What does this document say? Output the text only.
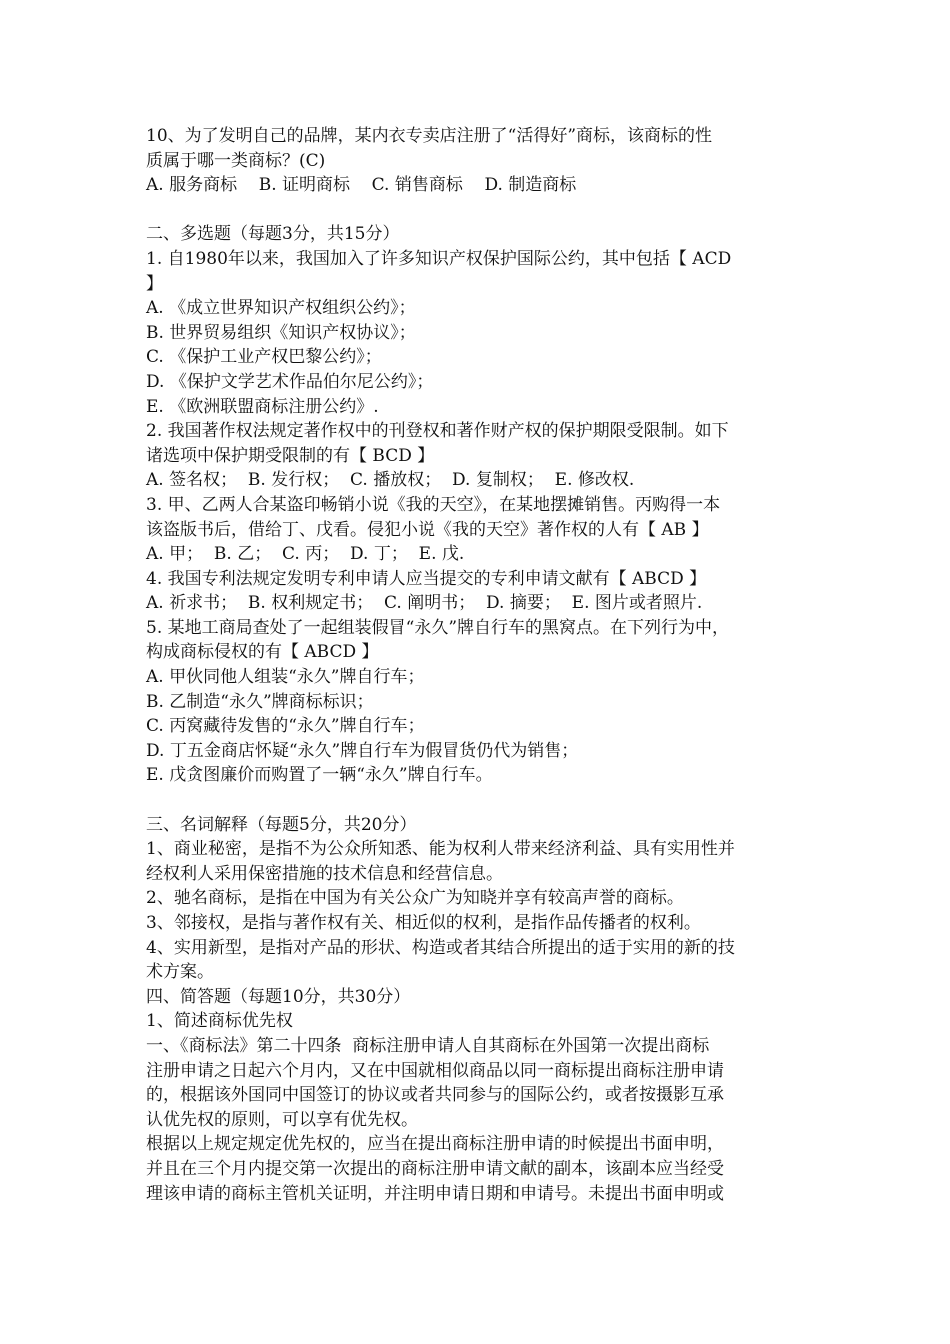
10、为了发明自己的品牌，某内衣专卖店注册了“活得好”商标，该商标的性
质属于哪一类商标？(C)
A. 服务商标    B. 证明商标    C. 销售商标    D. 制造商标
二、多选题（每题3分，共15分）
1. 自1980年以来，我国加入了许多知识产权保护国际公约，其中包括【 ACD
】
A. 《成立世界知识产权组织公约》；
B. 世界贸易组织《知识产权协议》；
C. 《保护工业产权巴黎公约》；
D. 《保护文学艺术作品伯尔尼公约》；
E. 《欧洲联盟商标注册公约》.
2. 我国著作权法规定著作权中的刊登权和著作财产权的保护期限受限制。如下
诸选项中保护期受限制的有【 BCD 】
A. 签名权；  B. 发行权；  C. 播放权；  D. 复制权；  E. 修改权.
3. 甲、乙两人合某盗印畅销小说《我的天空》，在某地摆摊销售。丙购得一本
该盗版书后，借给丁、戊看。侵犯小说《我的天空》著作权的人有【 AB 】
A. 甲；  B. 乙；  C. 丙；  D. 丁；  E. 戊.
4. 我国专利法规定发明专利申请人应当提交的专利申请文献有【 ABCD 】
A. 祈求书；  B. 权利规定书；  C. 阐明书；  D. 摘要；  E. 图片或者照片.
5. 某地工商局查处了一起组装假冒“永久”牌自行车的黑窝点。在下列行为中，
构成商标侵权的有【 ABCD 】
A. 甲伙同他人组装“永久”牌自行车；
B. 乙制造“永久”牌商标标识；
C. 丙窝藏待发售的“永久”牌自行车；
D. 丁五金商店怀疑“永久”牌自行车为假冒货仍代为销售；
E. 戊贪图廉价而购置了一辆“永久”牌自行车。
三、名词解释（每题5分，共20分）
1、商业秘密，是指不为公众所知悉、能为权利人带来经济利益、具有实用性并
经权利人采用保密措施的技术信息和经营信息。
2、驰名商标，是指在中国为有关公众广为知晓并享有较高声誉的商标。
3、邻接权，是指与著作权有关、相近似的权利，是指作品传播者的权利。
4、实用新型，是指对产品的形状、构造或者其结合所提出的适于实用的新的技
术方案。
四、简答题（每题10分，共30分）
1、简述商标优先权
一、《商标法》第二十四条  商标注册申请人自其商标在外国第一次提出商标
注册申请之日起六个月内，又在中国就相似商品以同一商标提出商标注册申请
的，根据该外国同中国签订的协议或者共同参与的国际公约，或者按摄影互承
认优先权的原则，可以享有优先权。
根据以上规定规定优先权的，应当在提出商标注册申请的时候提出书面申明，
并且在三个月内提交第一次提出的商标注册申请文献的副本，该副本应当经受
理该申请的商标主管机关证明，并注明申请日期和申请号。未提出书面申明或
